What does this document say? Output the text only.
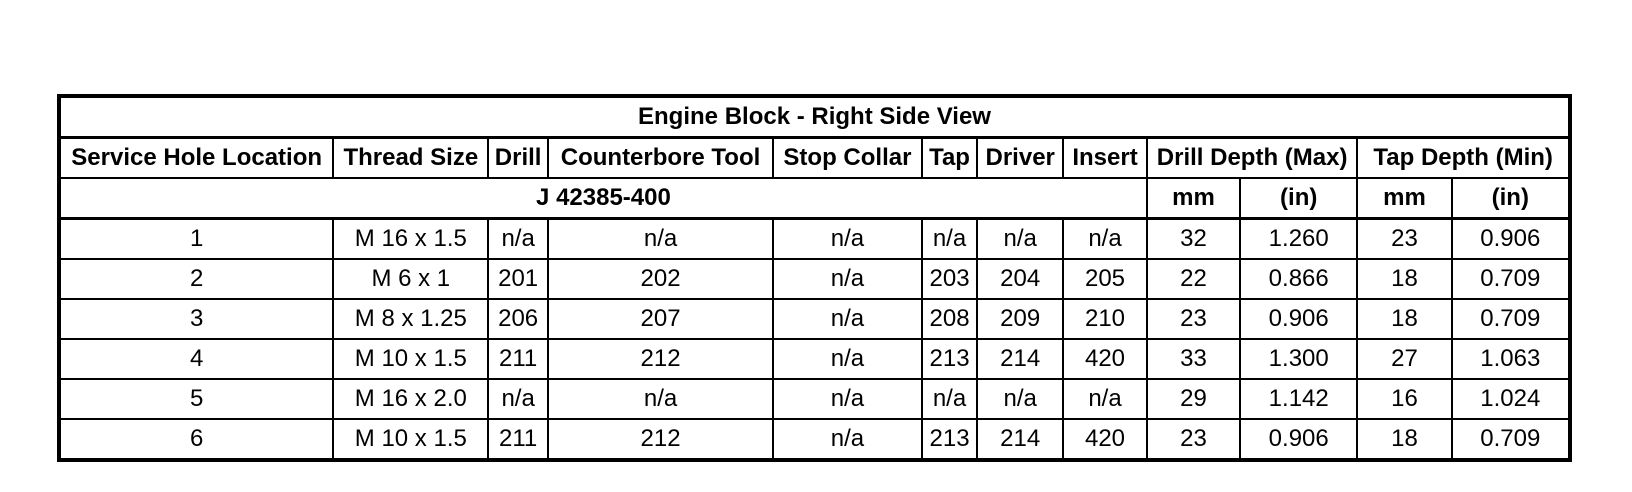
Engine Block - Right Side View											
Service Hole Location	Thread Size	Drill	Counterbore Tool	Stop Collar	Tap	Driver	Insert	Drill Depth (Max)		Tap Depth (Min)	
J 42385-400								mm	(in)	mm	(in)
1	M 16 x 1.5	n/a	n/a	n/a	n/a	n/a	n/a	32	1.260	23	0.906
2	M 6 x 1	201	202	n/a	203	204	205	22	0.866	18	0.709
3	M 8 x 1.25	206	207	n/a	208	209	210	23	0.906	18	0.709
4	M 10 x 1.5	211	212	n/a	213	214	420	33	1.300	27	1.063
5	M 16 x 2.0	n/a	n/a	n/a	n/a	n/a	n/a	29	1.142	16	1.024
6	M 10 x 1.5	211	212	n/a	213	214	420	23	0.906	18	0.709
